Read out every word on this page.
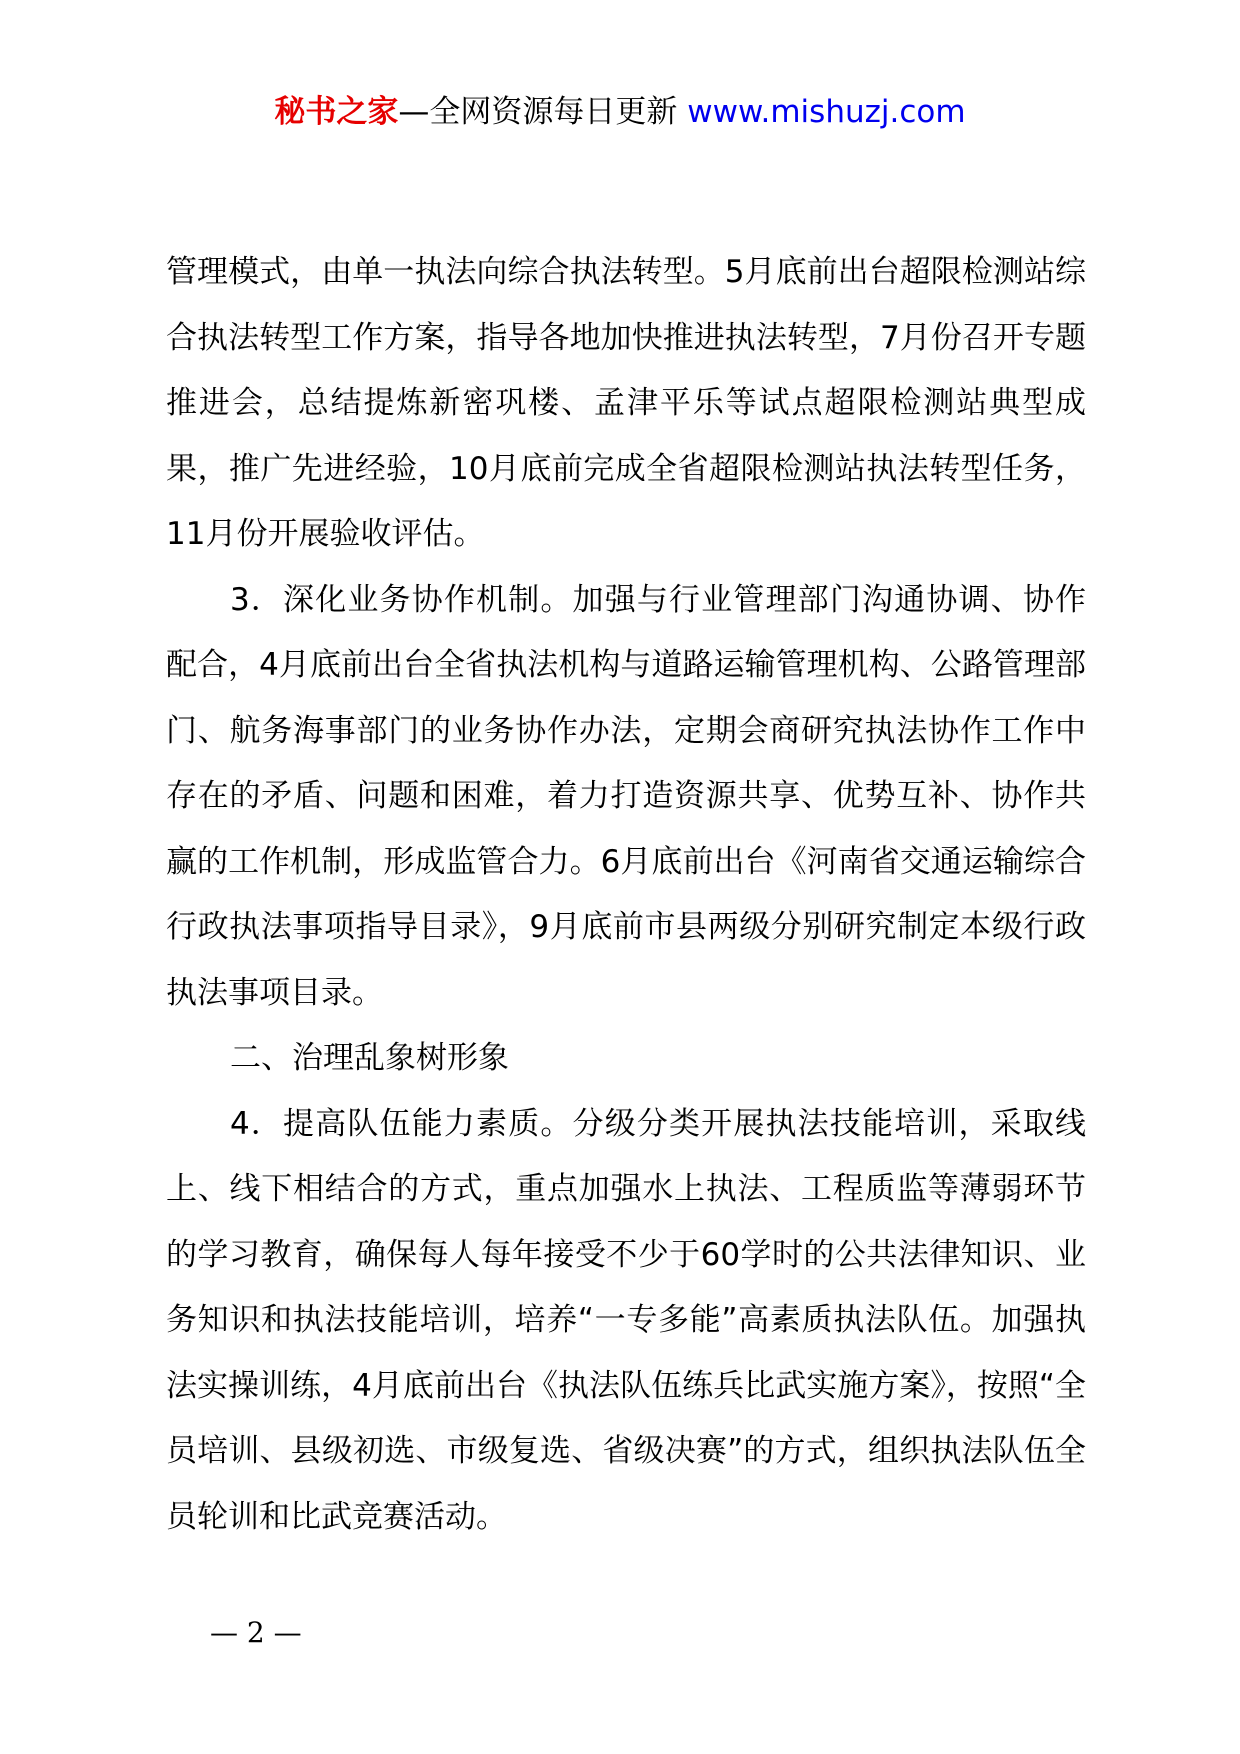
秘书之家—全网资源每日更新 www.mishuzj.com

管理模式，由单一执法向综合执法转型。5月底前出台超限检测站综合执法转型工作方案，指导各地加快推进执法转型，7月份召开专题推进会，总结提炼新密巩楼、孟津平乐等试点超限检测站典型成果，推广先进经验，10月底前完成全省超限检测站执法转型任务，11月份开展验收评估。

3．深化业务协作机制。加强与行业管理部门沟通协调、协作配合，4月底前出台全省执法机构与道路运输管理机构、公路管理部门、航务海事部门的业务协作办法，定期会商研究执法协作工作中存在的矛盾、问题和困难，着力打造资源共享、优势互补、协作共赢的工作机制，形成监管合力。6月底前出台《河南省交通运输综合行政执法事项指导目录》，9月底前市县两级分别研究制定本级行政执法事项目录。

二、治理乱象树形象

4．提高队伍能力素质。分级分类开展执法技能培训，采取线上、线下相结合的方式，重点加强水上执法、工程质监等薄弱环节的学习教育，确保每人每年接受不少于60学时的公共法律知识、业务知识和执法技能培训，培养“一专多能”高素质执法队伍。加强执法实操训练，4月底前出台《执法队伍练兵比武实施方案》，按照“全员培训、县级初选、市级复选、省级决赛”的方式，组织执法队伍全员轮训和比武竞赛活动。

— 2 —
